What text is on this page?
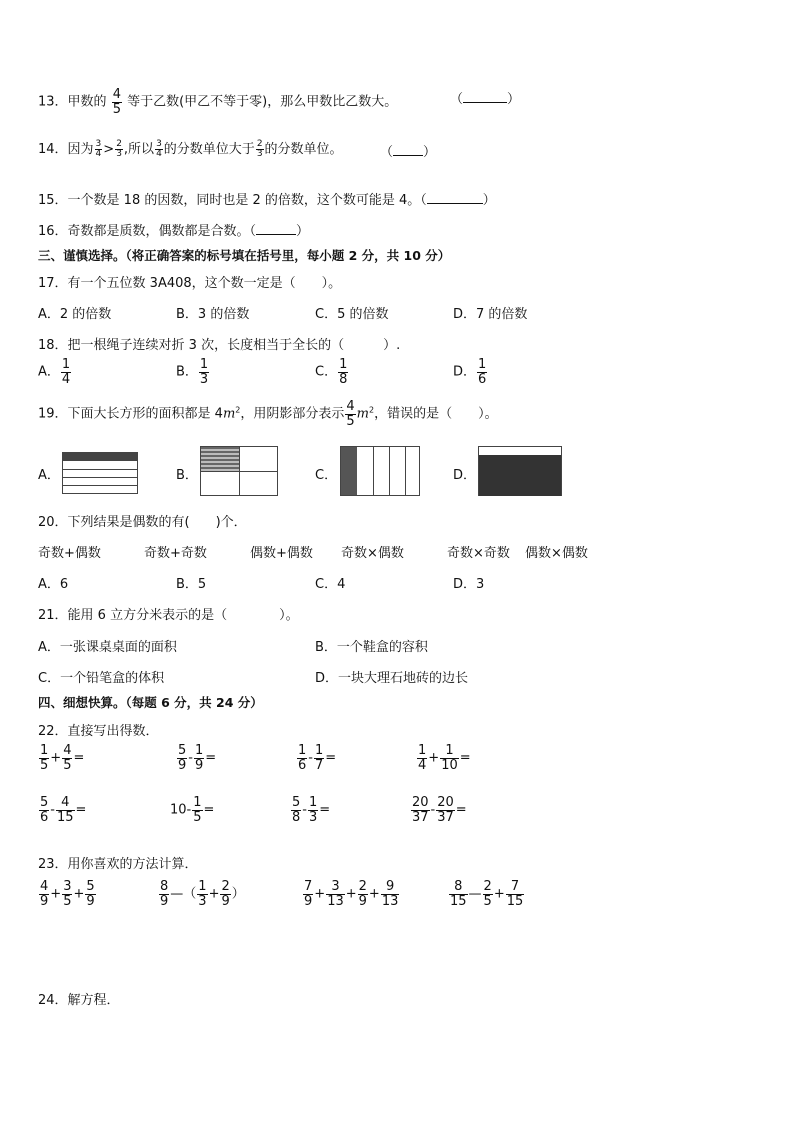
13．甲数的 $\frac{4}{5}$ 等于乙数(甲乙不等于零)，那么甲数比乙数大。	（	）
14．因为 $\frac{3}{4} > \frac{2}{3}$ ,所以 $\frac{3}{4}$ 的分数单位大于 $\frac{2}{3}$ 的分数单位。	（ ）
15．一个数是 18 的因数，同时也是 2 的倍数，这个数可能是 4。（	）
16．奇数都是质数，偶数都是合数。（	）
三、谨慎选择。（将正确答案的标号填在括号里，每小题 2 分，共 10 分）
17．有一个五位数 3A408，这个数一定是（　　）。
A．2 的倍数	B．3 的倍数	C．5 的倍数	D．7 的倍数
18．把一根绳子连续对折 3 次，长度相当于全长的（　　　）.
A． $\frac{1}{4}$	B． $\frac{1}{3}$	C． $\frac{1}{8}$	D． $\frac{1}{6}$
19．下面大长方形的面积都是 $4m^2$，用阴影部分表示 $\frac{4}{5} m^2$，错误的是（　　）。
A．	B．	C．	D．
20．下列结果是偶数的有(　　)个．
奇数+偶数	奇数+奇数	偶数+偶数 奇数×偶数	奇数×奇数 偶数×偶数
A．6	B．5	C．4	D．3
21．能用 6 立方分米表示的是（　　　　）。
A．一张课桌桌面的面积	B．一个鞋盒的容积
C．一个铅笔盒的体积	D．一块大理石地砖的边长
四、细想快算。（每题 6 分，共 24 分）
22．直接写出得数．
$\frac{1}{5} + \frac{4}{5}$ =	$\frac{5}{9} - \frac{1}{9}$ =	$\frac{1}{6} - \frac{1}{7}$ =	$\frac{1}{4} + \frac{1}{10}$ =
$\frac{5}{6} - \frac{4}{15}$ =	$10- \frac{1}{5}$ =	$\frac{5}{8} - \frac{1}{3}$ =	$\frac{20}{37} - \frac{20}{37}$ =
23．用你喜欢的方法计算．
$\frac{4}{9} + \frac{3}{5} + \frac{5}{9}$	$\frac{8}{9}$ —（ $\frac{1}{3} + \frac{2}{9}$ ）	$\frac{7}{9} + \frac{3}{13} + \frac{2}{9} + \frac{9}{13}$	$\frac{8}{15}$ — $\frac{2}{5} + \frac{7}{15}$
24．解方程．
